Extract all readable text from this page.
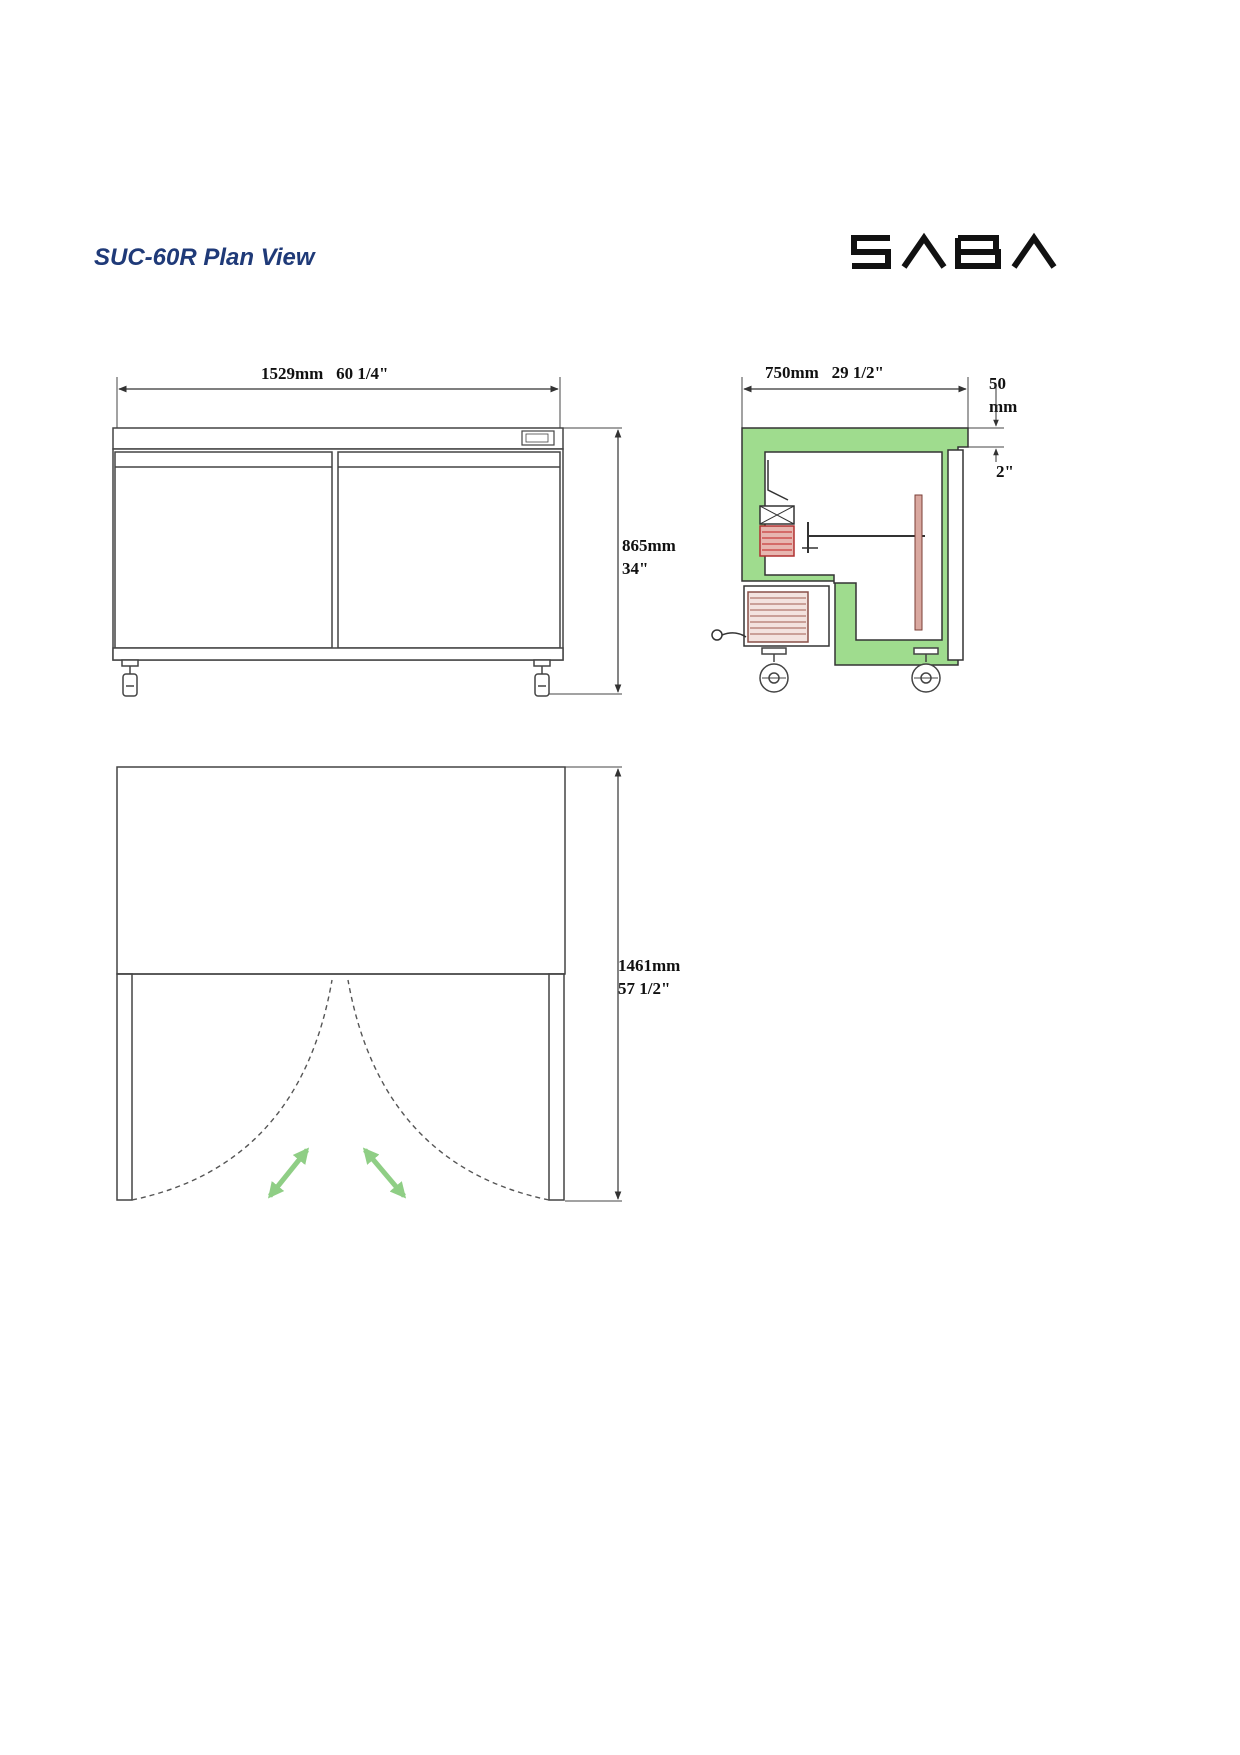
SUC-60R Plan View
1529mm 60 1/4"
865mm
34"
750mm 29 1/2"
50
mm
2"
1461mm
57 1/2"
